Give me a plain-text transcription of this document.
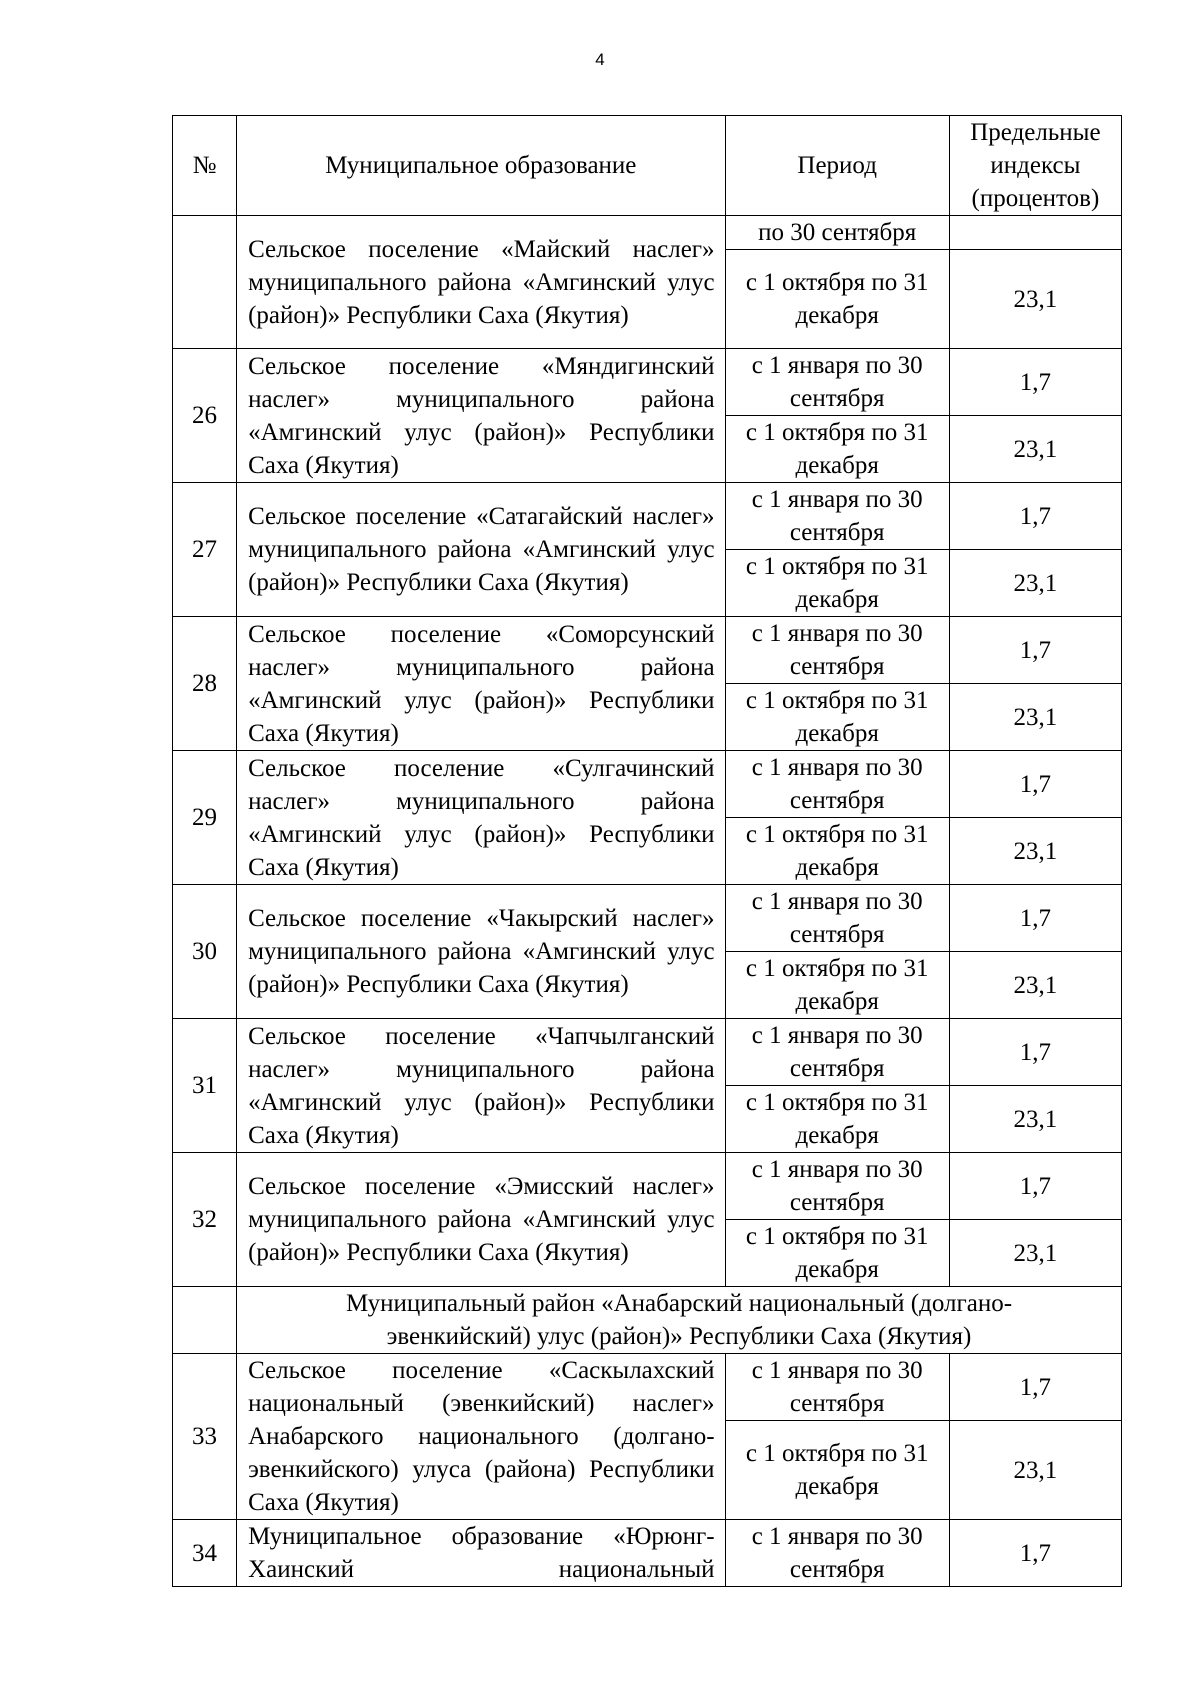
4
№	Муниципальное образование	Период	Предельные индексы (процентов)
	Сельское поселение «Майский наслег» муниципального района «Амгинский улус (район)» Республики Саха (Якутия)	по 30 сентября	
		с 1 октября по 31 декабря	23,1
26	Сельское поселение «Мяндигинский наслег» муниципального района «Амгинский улус (район)» Республики Саха (Якутия)	с 1 января по 30 сентября	1,7
		с 1 октября по 31 декабря	23,1
27	Сельское поселение «Сатагайский наслег» муниципального района «Амгинский улус (район)» Республики Саха (Якутия)	с 1 января по 30 сентября	1,7
		с 1 октября по 31 декабря	23,1
28	Сельское поселение «Соморсунский наслег» муниципального района «Амгинский улус (район)» Республики Саха (Якутия)	с 1 января по 30 сентября	1,7
		с 1 октября по 31 декабря	23,1
29	Сельское поселение «Сулгачинский наслег» муниципального района «Амгинский улус (район)» Республики Саха (Якутия)	с 1 января по 30 сентября	1,7
		с 1 октября по 31 декабря	23,1
30	Сельское поселение «Чакырский наслег» муниципального района «Амгинский улус (район)» Республики Саха (Якутия)	с 1 января по 30 сентября	1,7
		с 1 октября по 31 декабря	23,1
31	Сельское поселение «Чапчылганский наслег» муниципального района «Амгинский улус (район)» Республики Саха (Якутия)	с 1 января по 30 сентября	1,7
		с 1 октября по 31 декабря	23,1
32	Сельское поселение «Эмисский наслег» муниципального района «Амгинский улус (район)» Республики Саха (Якутия)	с 1 января по 30 сентября	1,7
		с 1 октября по 31 декабря	23,1
	Муниципальный район «Анабарский национальный (долгано-эвенкийский) улус (район)» Республики Саха (Якутия)		
33	Сельское поселение «Саскылахский национальный (эвенкийский) наслег» Анабарского национального (долгано-эвенкийского) улуса (района) Республики Саха (Якутия)	с 1 января по 30 сентября	1,7
		с 1 октября по 31 декабря	23,1
34	Муниципальное образование «Юрюнг-Хаинский национальный	с 1 января по 30 сентября	1,7
